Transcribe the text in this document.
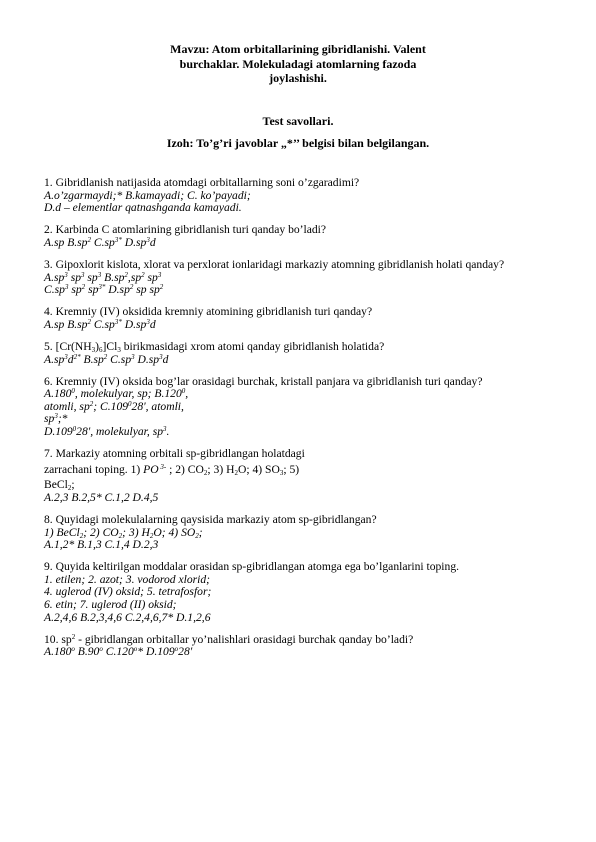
Mavzu: Atom orbitallarining gibridlanishi. Valent
burchaklar. Molekuladagi atomlarning fazoda
joylashishi.
Test savollari.
Izoh: To’g’ri javoblar „*’’ belgisi bilan belgilangan.
1. Gibridlanish natijasida atomdagi orbitallarning soni o’zgaradimi?
A.o’zgarmaydi;* B.kamayadi; C. ko’payadi;
D.d – elementlar qatnashganda kamayadi.
2. Karbinda C atomlarining gibridlanish turi qanday bo’ladi?
A.sp $B.sp^2$ $C.sp^{3*}$ $D.sp^3d$
3. Gipoxlorit kislota, xlorat va perxlorat ionlaridagi markaziy atomning gibridlanish holati qanday?
$A.sp^3$ $sp^3$ $sp^3$ $B.sp^2,sp^2$ $sp^3$
$C.sp^3$ $sp^2$ $sp^{3*}$ $D.sp^2$ sp $sp^2$
4. Kremniy (IV) oksidida kremniy atomining gibridlanish turi qanday?
A.sp $B.sp^2$ $C.sp^{3*}$ $D.sp^3d$
5. $[Cr(NH_3)_6]Cl_3$ birikmasidagi xrom atomi qanday gibridlanish holatida?
$A.sp^3d^{2*}$ $B.sp^2$ $C.sp^3$ $D.sp^3d$
6. Kremniy (IV) oksida bog’lar orasidagi burchak, kristall panjara va gibridlanish turi qanday?
A.180$^0$, molekulyar, sp; B.120$^0$,
atomli, $sp^2$; C.109$^0$28', atomli,
$sp^3;*$
D.109$^0$28', molekulyar, $sp^3$.
7. Markaziy atomning orbitali sp-gibridlangan holatdagi
zarrachani toping. 1) PO $^{3-}$ ; 2) $CO_2$; 3) $H_2O$; 4) $SO_3$; 5)
BeCl$_2$;
A.2,3 B.2,5* C.1,2 D.4,5
8. Quyidagi molekulalarning qaysisida markaziy atom sp-gibridlangan?
1) BeCl$_2$; 2) $CO_2$; 3) $H_2O$; 4) $SO_2$;
A.1,2* B.1,3 C.1,4 D.2,3
9. Quyida keltirilgan moddalar orasidan sp-gibridlangan atomga ega bo’lganlarini toping.
1. etilen; 2. azot; 3. vodorod xlorid;
4. uglerod (IV) oksid; 5. tetrafosfor;
6. etin; 7. uglerod (II) oksid;
A.2,4,6 B.2,3,4,6 C.2,4,6,7* D.1,2,6
10. $sp^2$ - gibridlangan orbitallar yo’nalishlari orasidagi burchak qanday bo’ladi?
A.180$^o$ B.90$^o$ C.120$^o$* D.109$^o$28'
